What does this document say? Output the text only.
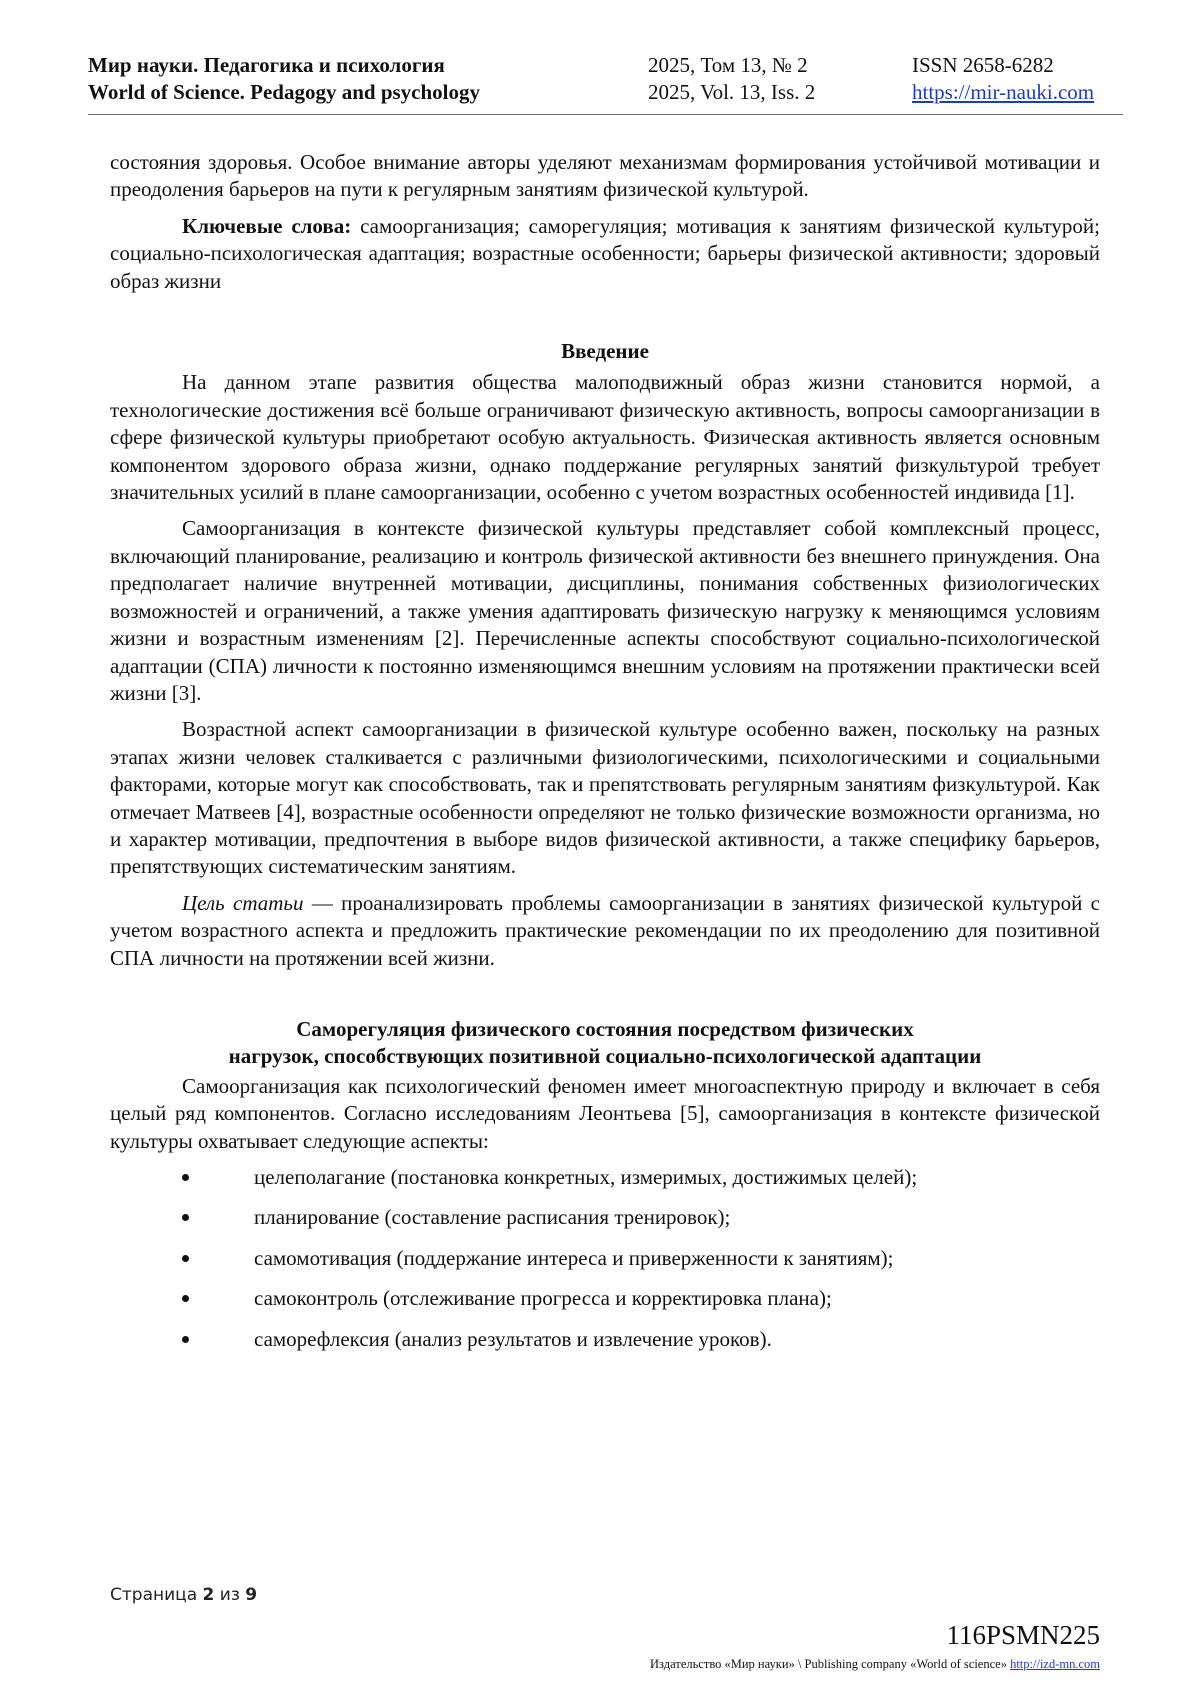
Мир науки. Педагогика и психология
World of Science. Pedagogy and psychology
2025, Том 13, № 2
2025, Vol. 13, Iss. 2
ISSN 2658-6282
https://mir-nauki.com

состояния здоровья. Особое внимание авторы уделяют механизмам формирования устойчивой мотивации и преодоления барьеров на пути к регулярным занятиям физической культурой.

Ключевые слова: самоорганизация; саморегуляция; мотивация к занятиям физической культурой; социально-психологическая адаптация; возрастные особенности; барьеры физической активности; здоровый образ жизни

Введение

На данном этапе развития общества малоподвижный образ жизни становится нормой, а технологические достижения всё больше ограничивают физическую активность, вопросы самоорганизации в сфере физической культуры приобретают особую актуальность. Физическая активность является основным компонентом здорового образа жизни, однако поддержание регулярных занятий физкультурой требует значительных усилий в плане самоорганизации, особенно с учетом возрастных особенностей индивида [1].

Самоорганизация в контексте физической культуры представляет собой комплексный процесс, включающий планирование, реализацию и контроль физической активности без внешнего принуждения. Она предполагает наличие внутренней мотивации, дисциплины, понимания собственных физиологических возможностей и ограничений, а также умения адаптировать физическую нагрузку к меняющимся условиям жизни и возрастным изменениям [2]. Перечисленные аспекты способствуют социально-психологической адаптации (СПА) личности к постоянно изменяющимся внешним условиям на протяжении практически всей жизни [3].

Возрастной аспект самоорганизации в физической культуре особенно важен, поскольку на разных этапах жизни человек сталкивается с различными физиологическими, психологическими и социальными факторами, которые могут как способствовать, так и препятствовать регулярным занятиям физкультурой. Как отмечает Матвеев [4], возрастные особенности определяют не только физические возможности организма, но и характер мотивации, предпочтения в выборе видов физической активности, а также специфику барьеров, препятствующих систематическим занятиям.

Цель статьи — проанализировать проблемы самоорганизации в занятиях физической культурой с учетом возрастного аспекта и предложить практические рекомендации по их преодолению для позитивной СПА личности на протяжении всей жизни.

Саморегуляция физического состояния посредством физических
нагрузок, способствующих позитивной социально-психологической адаптации

Самоорганизация как психологический феномен имеет многоаспектную природу и включает в себя целый ряд компонентов. Согласно исследованиям Леонтьева [5], самоорганизация в контексте физической культуры охватывает следующие аспекты:

целеполагание (постановка конкретных, измеримых, достижимых целей);
планирование (составление расписания тренировок);
самомотивация (поддержание интереса и приверженности к занятиям);
самоконтроль (отслеживание прогресса и корректировка плана);
саморефлексия (анализ результатов и извлечение уроков).
Страница 2 из 9
116PSMN225
Издательство «Мир науки» \ Publishing company «World of science» http://izd-mn.com
